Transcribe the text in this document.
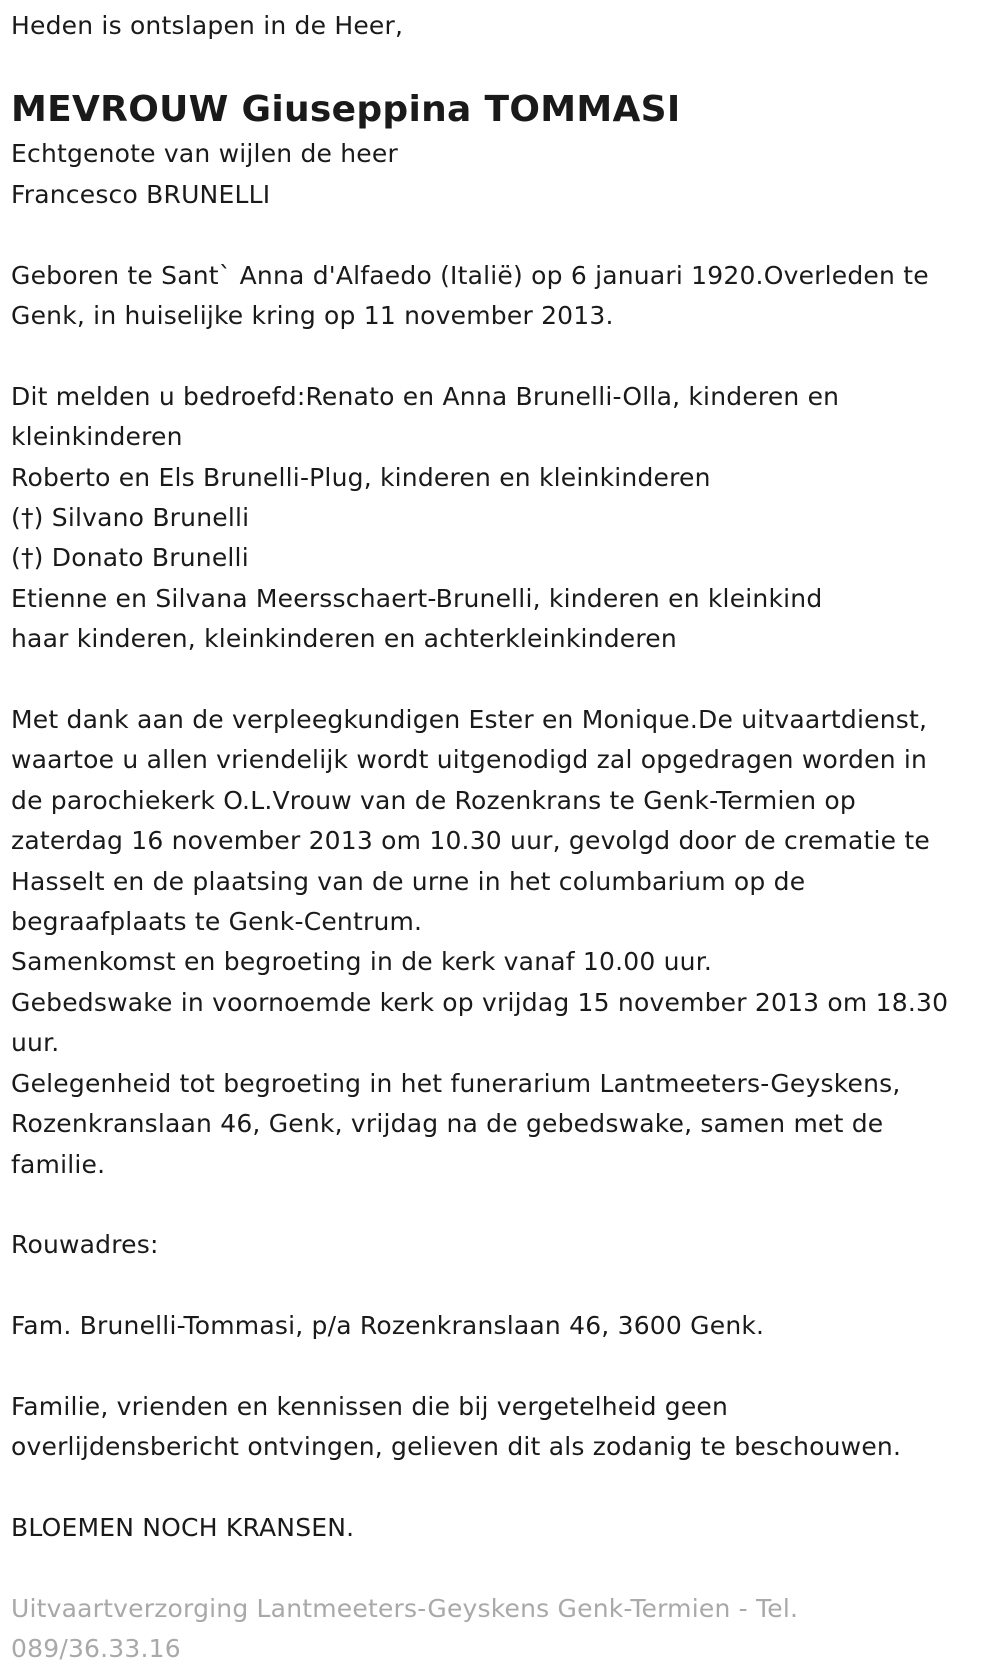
Heden is ontslapen in de Heer,
MEVROUW Giuseppina TOMMASI
Echtgenote van wijlen de heer
Francesco BRUNELLI
Geboren te Sant` Anna d'Alfaedo (Italië) op 6 januari 1920.Overleden te
Genk, in huiselijke kring op 11 november 2013.
Dit melden u bedroefd:Renato en Anna Brunelli-Olla, kinderen en
kleinkinderen
Roberto en Els Brunelli-Plug, kinderen en kleinkinderen
(†) Silvano Brunelli
(†) Donato Brunelli
Etienne en Silvana Meersschaert-Brunelli, kinderen en kleinkind
haar kinderen, kleinkinderen en achterkleinkinderen
Met dank aan de verpleegkundigen Ester en Monique.De uitvaartdienst,
waartoe u allen vriendelijk wordt uitgenodigd zal opgedragen worden in
de parochiekerk O.L.Vrouw van de Rozenkrans te Genk-Termien op
zaterdag 16 november 2013 om 10.30 uur, gevolgd door de crematie te
Hasselt en de plaatsing van de urne in het columbarium op de
begraafplaats te Genk-Centrum.
Samenkomst en begroeting in de kerk vanaf 10.00 uur.
Gebedswake in voornoemde kerk op vrijdag 15 november 2013 om 18.30
uur.
Gelegenheid tot begroeting in het funerarium Lantmeeters-Geyskens,
Rozenkranslaan 46, Genk, vrijdag na de gebedswake, samen met de
familie.
Rouwadres:
Fam. Brunelli-Tommasi, p/a Rozenkranslaan 46, 3600 Genk.
Familie, vrienden en kennissen die bij vergetelheid geen
overlijdensbericht ontvingen, gelieven dit als zodanig te beschouwen.
BLOEMEN NOCH KRANSEN.
Uitvaartverzorging Lantmeeters-Geyskens Genk-Termien - Tel.
089/36.33.16
